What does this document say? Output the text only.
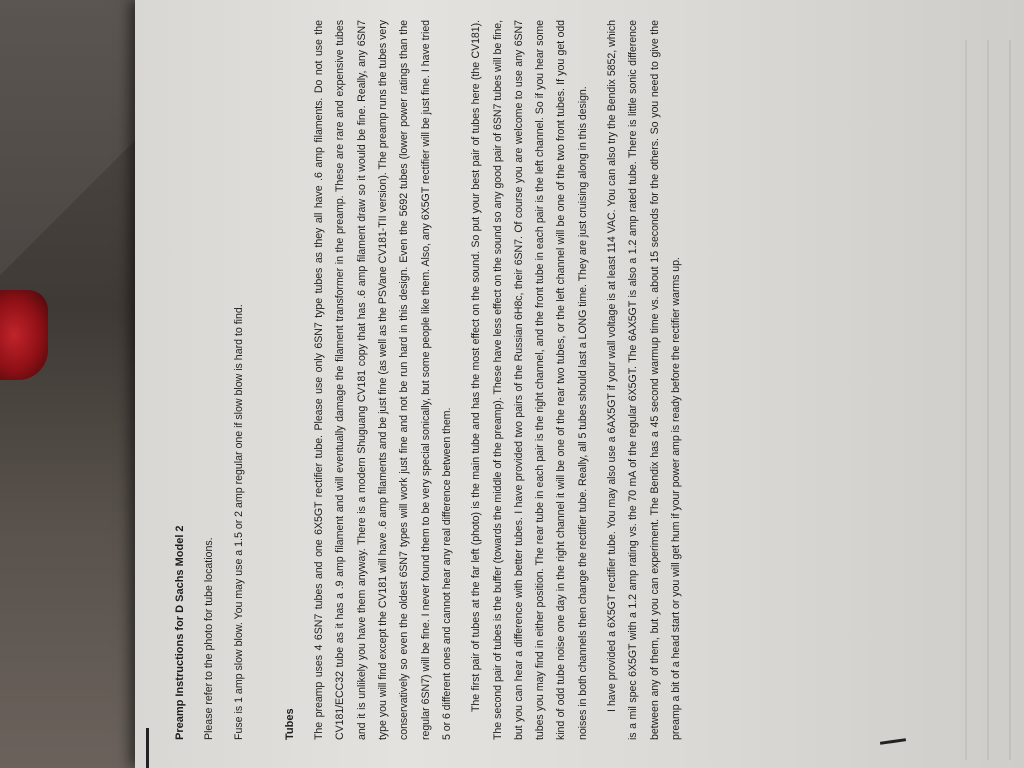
Preamp Instructions for D Sachs Model 2	Please refer to the photo for tube locations.	Fuse is 1 amp slow blow. You may use a 1.5 or 2 amp regular one if slow blow is hard to find.	Tubes	The preamp uses 4 6SN7 tubes and one 6X5GT rectifier tube. Please use only 6SN7 type tubes as they all have .6 amp filaments. Do not use the CV181/ECC32 tube as it has a .9 amp filament and will eventually damage the filament transformer in the preamp. These are rare and expensive tubes and it is unlikely you have them anyway. There is a modern Shuguang CV181 copy that has .6 amp filament draw so it would be fine. Really, any 6SN7 type you will find except the CV181 will have .6 amp filaments and be just fine (as well as the PSVane CV181-TII version). The preamp runs the tubes very conservatively so even the oldest 6SN7 types will work just fine and not be run hard in this design. Even the 5692 tubes (lower power ratings than the regular 6SN7) will be fine. I never found them to be very special sonically, but some people like them. Also, any 6X5GT rectifier will be just fine. I have tried 5 or 6 different ones and cannot hear any real difference between them.	The first pair of tubes at the far left (photo) is the main tube and has the most effect on the sound. So put your best pair of tubes here (the CV181). The second pair of tubes is the buffer (towards the middle of the preamp). These have less effect on the sound so any good pair of 6SN7 tubes will be fine, but you can hear a difference with better tubes. I have provided two pairs of the Russian 6H8c, their 6SN7. Of course you are welcome to use any 6SN7 tubes you may find in either position. The rear tube in each pair is the right channel, and the front tube in each pair is the left channel. So if you hear some kind of odd tube noise one day in the right channel it will be one of the rear two tubes, or the left channel will be one of the two front tubes. If you get odd noises in both channels then change the rectifier tube. Really, all 5 tubes should last a LONG time. They are just cruising along in this design.	I have provided a 6X5GT rectifier tube. You may also use a 6AX5GT if your wall voltage is at least 114 VAC. You can also try the Bendix 5852, which is a mil spec 6X5GT with a 1.2 amp rating vs. the 70 mA of the regular 6X5GT. The 6AX5GT is also a 1.2 amp rated tube. There is little sonic difference between any of them, but you can experiment. The Bendix has a 45 second warmup time vs. about 15 seconds for the others. So you need to give the preamp a bit of a head start or you will get hum if your power amp is ready before the rectifier warms up.
